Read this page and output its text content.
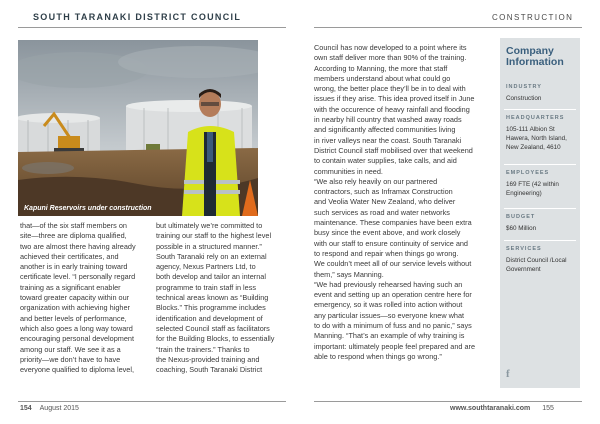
SOUTH TARANAKI DISTRICT COUNCIL	CONSTRUCTION
Kapuni Reservoirs under construction
that—of the six staff members on
site—three are diploma qualified,
two are almost there having already
achieved their certificates, and
another is in early training toward
certificate level. “I personally regard
training as a significant enabler
toward greater capacity within our
organization with achieving higher
and better levels of performance,
which also goes a long way toward
encouraging personal development
among our staff. We see it as a
priority—we don’t have to have
everyone qualified to diploma level,
but ultimately we’re committed to
training our staff to the highest level
possible in a structured manner.”
South Taranaki rely on an external
agency, Nexus Partners Ltd, to
both develop and tailor an internal
programme to train staff in less
technical areas known as “Building
Blocks.” This programme includes
identification and development of
selected Council staff as facilitators
for the Building Blocks, to essentially
“train the trainers.” Thanks to
the Nexus-provided training and
coaching, South Taranaki District
Council has now developed to a point where its
own staff deliver more than 90% of the training.
According to Manning, the more that staff
members understand about what could go
wrong, the better place they’ll be in to deal with
issues if they arise. This idea proved itself in June
with the occurence of heavy rainfall and flooding
in nearby hill country that washed away roads
and significantly affected communities living
in river valleys near the coast. South Taranaki
District Council staff mobilised over that weekend
to contain water supplies, take calls, and aid
communities in need.
“We also rely heavily on our partnered
contractors, such as Inframax Construction
and Veolia Water New Zealand, who deliver
such services as road and water networks
maintenance. These companies have been extra
busy since the event above, and work closely
with our staff to ensure continuity of service and
to respond and repair when things go wrong.
We couldn’t meet all of our service levels without
them,” says Manning.
“We had previously rehearsed having such an
event and setting up an operation centre here for
emergency, so it was rolled into action without
any particular issues—so everyone knew what
to do with a minimum of fuss and no panic,” says
Manning. “That’s an example of why training is
important: ultimately people feel prepared and are
able to respond when things go wrong.”
Company
Information
INDUSTRY
Construction
HEADQUARTERS
105-111 Albion St
Hawera, North Island,
New Zealand, 4610
EMPLOYEES
169 FTE (42 within
Engineering)
BUDGET
$60 Million
SERVICES
District Council /Local
Government
f
154 August 2015	www.southtaranaki.com 155
